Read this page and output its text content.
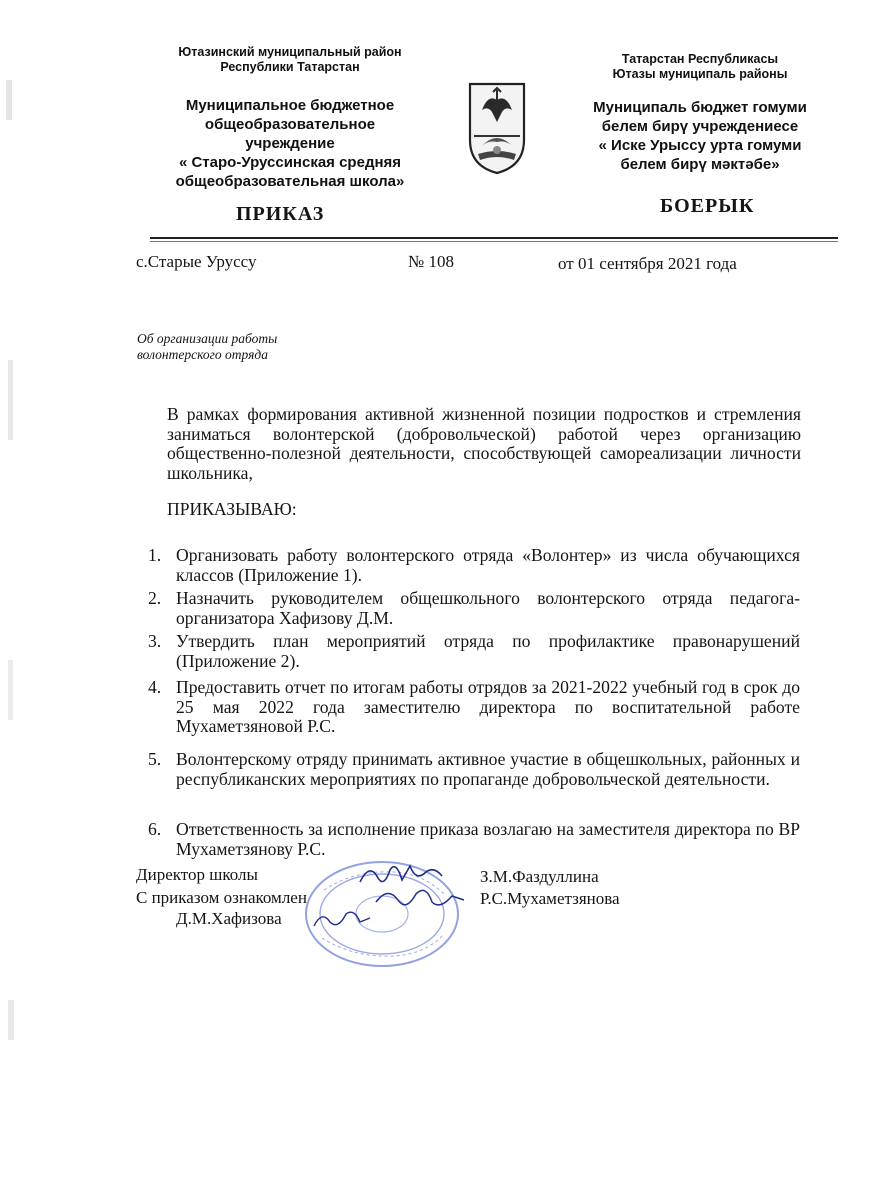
Ютазинский муниципальный район
Республики Татарстан
Муниципальное бюджетное
общеобразовательное
учреждение
« Старо-Уруссинская средняя
общеобразовательная школа»
ПРИКАЗ
Татарстан Республикасы
Ютазы муниципаль районы
Муниципаль бюджет гомуми
белем бирү учреждениесе
« Иске Урыссу урта гомуми
белем бирү мәктәбе»
БОЕРЫК
с.Старые Уруссу	№ 108	от 01 сентября 2021 года
Об организации работы
волонтерского отряда
В рамках формирования активной жизненной позиции подростков и стремления заниматься волонтерской (добровольческой) работой через организацию общественно-полезной деятельности, способствующей самореализации личности школьника,
ПРИКАЗЫВАЮ:
1. Организовать работу волонтерского отряда «Волонтер» из числа обучающихся классов (Приложение 1).
2. Назначить руководителем общешкольного волонтерского отряда педагога-организатора Хафизову Д.М.
3. Утвердить план мероприятий отряда по профилактике правонарушений (Приложение 2).
4. Предоставить отчет по итогам работы отрядов за 2021-2022 учебный год в срок до 25 мая 2022 года заместителю директора по воспитательной работе Мухаметзяновой Р.С.
5. Волонтерскому отряду принимать активное участие в общешкольных, районных и республиканских мероприятиях по пропаганде добровольческой деятельности.
6. Ответственность за исполнение приказа возлагаю на заместителя директора по ВР Мухаметзянову Р.С.
Директор школы	З.М.Фаздуллина
С приказом ознакомлен	Р.С.Мухаметзянова
Д.М.Хафизова
